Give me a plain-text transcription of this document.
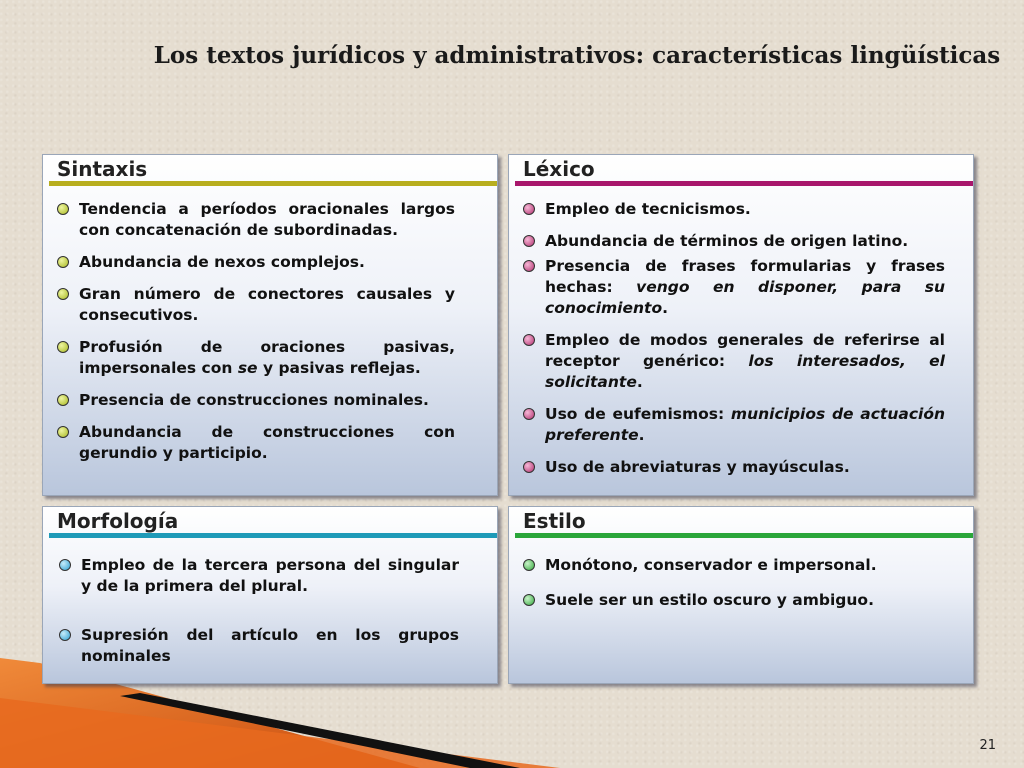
Los textos jurídicos y administrativos: características lingüísticas
Sintaxis
Tendencia a períodos oracionales largos con concatenación de subordinadas.
Abundancia de nexos complejos.
Gran número de conectores causales y consecutivos.
Profusión de oraciones pasivas, impersonales con se y pasivas reflejas.
Presencia de construcciones nominales.
Abundancia de construcciones con gerundio y participio.
Léxico
Empleo de tecnicismos.
Abundancia de términos de origen latino.
Presencia de frases formularias y frases hechas: vengo en disponer, para su conocimiento.
Empleo de modos generales de referirse al receptor genérico: los interesados, el solicitante.
Uso de eufemismos: municipios de actuación preferente.
Uso de abreviaturas y mayúsculas.
Morfología
Empleo de la tercera persona del singular y de la primera del plural.
Supresión del artículo en los grupos nominales
Estilo
Monótono, conservador e impersonal.
Suele ser un estilo oscuro y ambiguo.
21
